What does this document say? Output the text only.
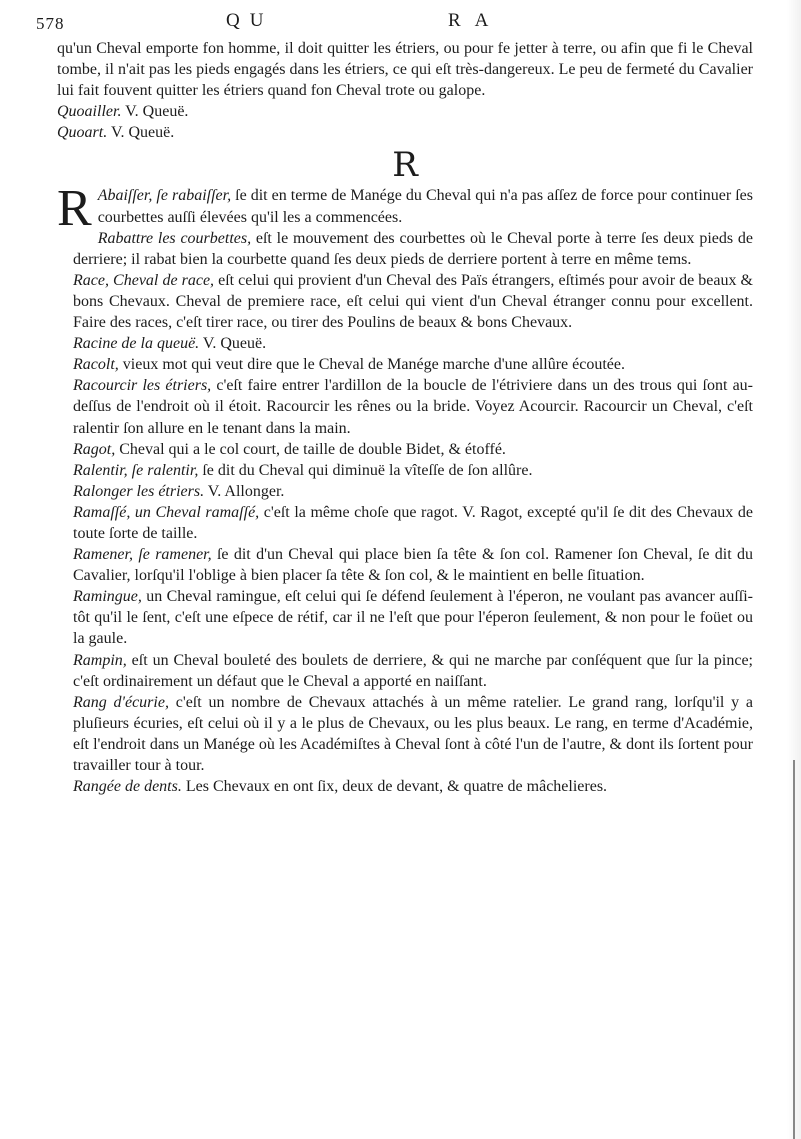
578	QU	RA

qu'un Cheval emporte fon homme, il doit quitter les étriers, ou pour fe jetter à terre, ou afin que fi le Cheval tombe, il n'ait pas les pieds engagés dans les étriers, ce qui eſt très-dangereux. Le peu de fermeté du Cavalier lui fait fouvent quitter les étriers quand fon Cheval trote ou galope.

Quoailler. V. Queuë.

Quoart. V. Queuë.

R

R Abaiſſer, ſe rabaiſſer, ſe dit en terme de Manége du Cheval qui n'a pas aſſez de force pour continuer ſes courbettes auſſi élevées qu'il les a commencées.

Rabattre les courbettes, eſt le mouvement des courbettes où le Cheval porte à terre ſes deux pieds de derriere; il rabat bien la courbette quand ſes deux pieds de derriere portent à terre en même tems.

Race, Cheval de race, eſt celui qui provient d'un Cheval des Païs étrangers, eſtimés pour avoir de beaux & bons Chevaux. Cheval de premiere race, eſt celui qui vient d'un Cheval étranger connu pour excellent. Faire des races, c'eſt tirer race, ou tirer des Poulins de beaux & bons Chevaux.

Racine de la queuë. V. Queuë.

Racolt, vieux mot qui veut dire que le Cheval de Manége marche d'une allûre écoutée.

Racourcir les étriers, c'eſt faire entrer l'ardillon de la boucle de l'étriviere dans un des trous qui ſont au-deſſus de l'endroit où il étoit. Racourcir les rênes ou la bride. Voyez Acourcir. Racourcir un Cheval, c'eſt ralentir ſon allure en le tenant dans la main.

Ragot, Cheval qui a le col court, de taille de double Bidet, & étoffé.

Ralentir, ſe ralentir, ſe dit du Cheval qui diminuë la vîteſſe de ſon allûre.

Ralonger les étriers. V. Allonger.

Ramaſſé, un Cheval ramaſſé, c'eſt la même choſe que ragot. V. Ragot, excepté qu'il ſe dit des Chevaux de toute ſorte de taille.

Ramener, ſe ramener, ſe dit d'un Cheval qui place bien ſa tête & ſon col. Ramener ſon Cheval, ſe dit du Cavalier, lorſqu'il l'oblige à bien placer ſa tête & ſon col, & le maintient en belle ſituation.

Ramingue, un Cheval ramingue, eſt celui qui ſe défend ſeulement à l'éperon, ne voulant pas avancer auſſi-tôt qu'il le ſent, c'eſt une eſpece de rétif, car il ne l'eſt que pour l'éperon ſeulement, & non pour le foüet ou la gaule.

Rampin, eſt un Cheval bouleté des boulets de derriere, & qui ne marche par conſéquent que ſur la pince; c'eſt ordinairement un défaut que le Cheval a apporté en naiſſant.

Rang d'écurie, c'eſt un nombre de Chevaux attachés à un même ratelier. Le grand rang, lorſqu'il y a pluſieurs écuries, eſt celui où il y a le plus de Chevaux, ou les plus beaux. Le rang, en terme d'Académie, eſt l'endroit dans un Manége où les Académiſtes à Cheval ſont à côté l'un de l'autre, & dont ils ſortent pour travailler tour à tour.

Rangée de dents. Les Chevaux en ont ſix, deux de devant, & quatre de mâchelieres.
